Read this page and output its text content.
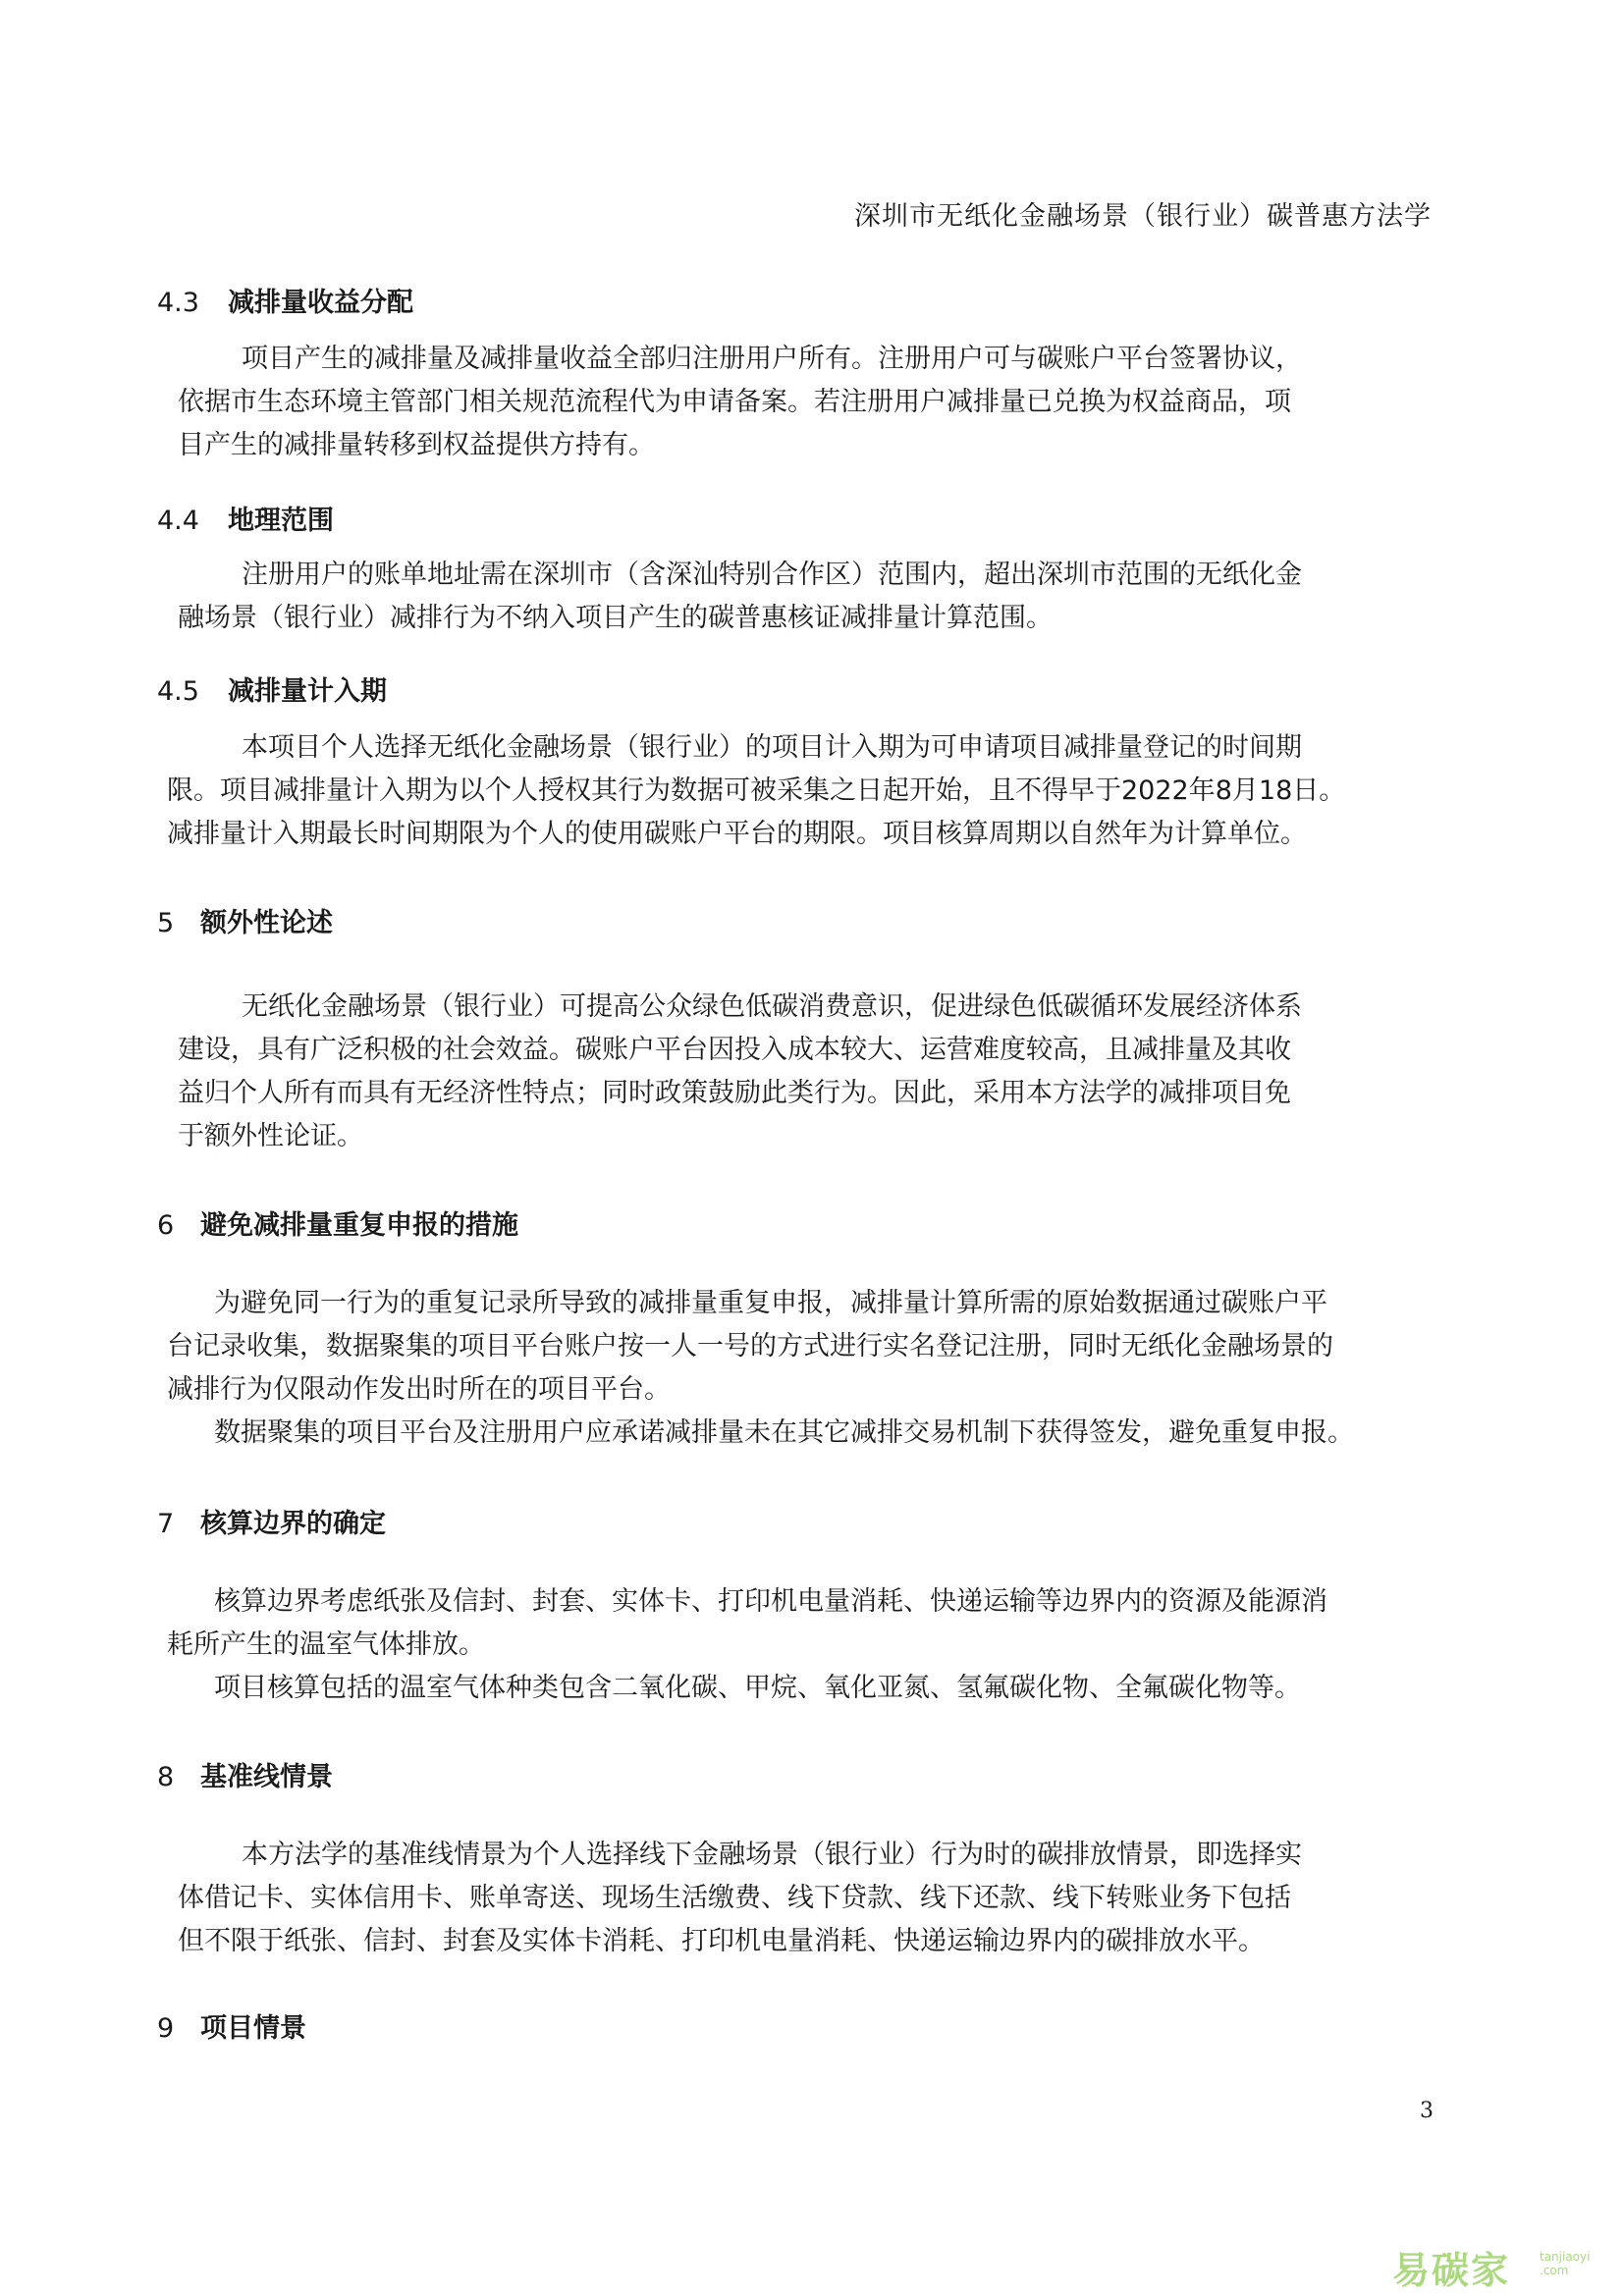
深圳市无纸化金融场景（银行业）碳普惠方法学
4.3 减排量收益分配
项目产生的减排量及减排量收益全部归注册用户所有。注册用户可与碳账户平台签署协议，
依据市生态环境主管部门相关规范流程代为申请备案。若注册用户减排量已兑换为权益商品，项
目产生的减排量转移到权益提供方持有。
4.4 地理范围
注册用户的账单地址需在深圳市（含深汕特别合作区）范围内，超出深圳市范围的无纸化金
融场景（银行业）减排行为不纳入项目产生的碳普惠核证减排量计算范围。
4.5 减排量计入期
本项目个人选择无纸化金融场景（银行业）的项目计入期为可申请项目减排量登记的时间期
限。项目减排量计入期为以个人授权其行为数据可被采集之日起开始，且不得早于2022年8月18日。
减排量计入期最长时间期限为个人的使用碳账户平台的期限。项目核算周期以自然年为计算单位。
5 额外性论述
无纸化金融场景（银行业）可提高公众绿色低碳消费意识，促进绿色低碳循环发展经济体系
建设，具有广泛积极的社会效益。碳账户平台因投入成本较大、运营难度较高，且减排量及其收
益归个人所有而具有无经济性特点；同时政策鼓励此类行为。因此，采用本方法学的减排项目免
于额外性论证。
6 避免减排量重复申报的措施
为避免同一行为的重复记录所导致的减排量重复申报，减排量计算所需的原始数据通过碳账户平
台记录收集，数据聚集的项目平台账户按一人一号的方式进行实名登记注册，同时无纸化金融场景的
减排行为仅限动作发出时所在的项目平台。
数据聚集的项目平台及注册用户应承诺减排量未在其它减排交易机制下获得签发，避免重复申报。
7 核算边界的确定
核算边界考虑纸张及信封、封套、实体卡、打印机电量消耗、快递运输等边界内的资源及能源消
耗所产生的温室气体排放。
项目核算包括的温室气体种类包含二氧化碳、甲烷、氧化亚氮、氢氟碳化物、全氟碳化物等。
8 基准线情景
本方法学的基准线情景为个人选择线下金融场景（银行业）行为时的碳排放情景，即选择实
体借记卡、实体信用卡、账单寄送、现场生活缴费、线下贷款、线下还款、线下转账业务下包括
但不限于纸张、信封、封套及实体卡消耗、打印机电量消耗、快递运输边界内的碳排放水平。
9 项目情景
3
易碳家 tanjiaoyi
.com
